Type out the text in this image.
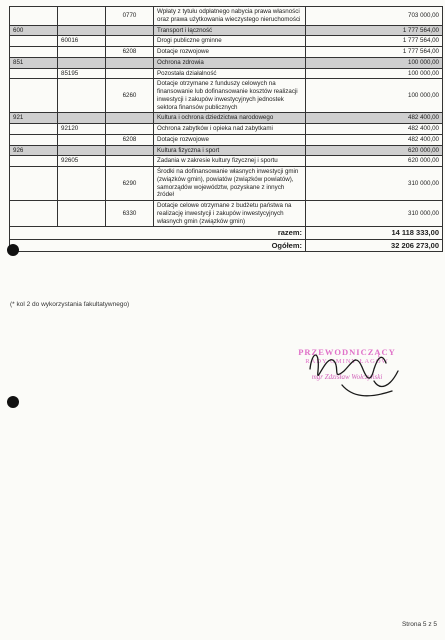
		0770	Wpłaty z tytułu odpłatnego nabycia prawa własności oraz prawa użytkowania wieczystego nieruchomości	703 000,00
600			Transport i łączność	1 777 564,00
	60016		Drogi publiczne gminne	1 777 564,00
		6208	Dotacje rozwojowe	1 777 564,00
851			Ochrona zdrowia	100 000,00
	85195		Pozostała działalność	100 000,00
		6260	Dotacje otrzymane z funduszy celowych na finansowanie lub dofinansowanie kosztów realizacji inwestycji i zakupów inwestycyjnych jednostek sektora finansów publicznych	100 000,00
921			Kultura i ochrona dziedzictwa narodowego	482 400,00
	92120		Ochrona zabytków i opieka nad zabytkami	482 400,00
		6208	Dotacje rozwojowe	482 400,00
926			Kultura fizyczna i sport	620 000,00
	92605		Zadania w zakresie kultury fizycznej i sportu	620 000,00
		6290	Środki na dofinansowanie własnych inwestycji gmin (związków gmin), powiatów (związków powiatów), samorządów województw, pozyskane z innych źródeł	310 000,00
		6330	Dotacje celowe otrzymane z budżetu państwa na realizację inwestycji i zakupów inwestycyjnych własnych gmin (związków gmin)	310 000,00
razem:				14 118 333,00
Ogółem:				32 206 273,00
(* kol 2 do wykorzystania fakultatywnego)
PRZEWODNICZĄCY
RADY GMINY ŁAGÓW
mgr Zdzisław Wołczyński
Strona 5 z 5
